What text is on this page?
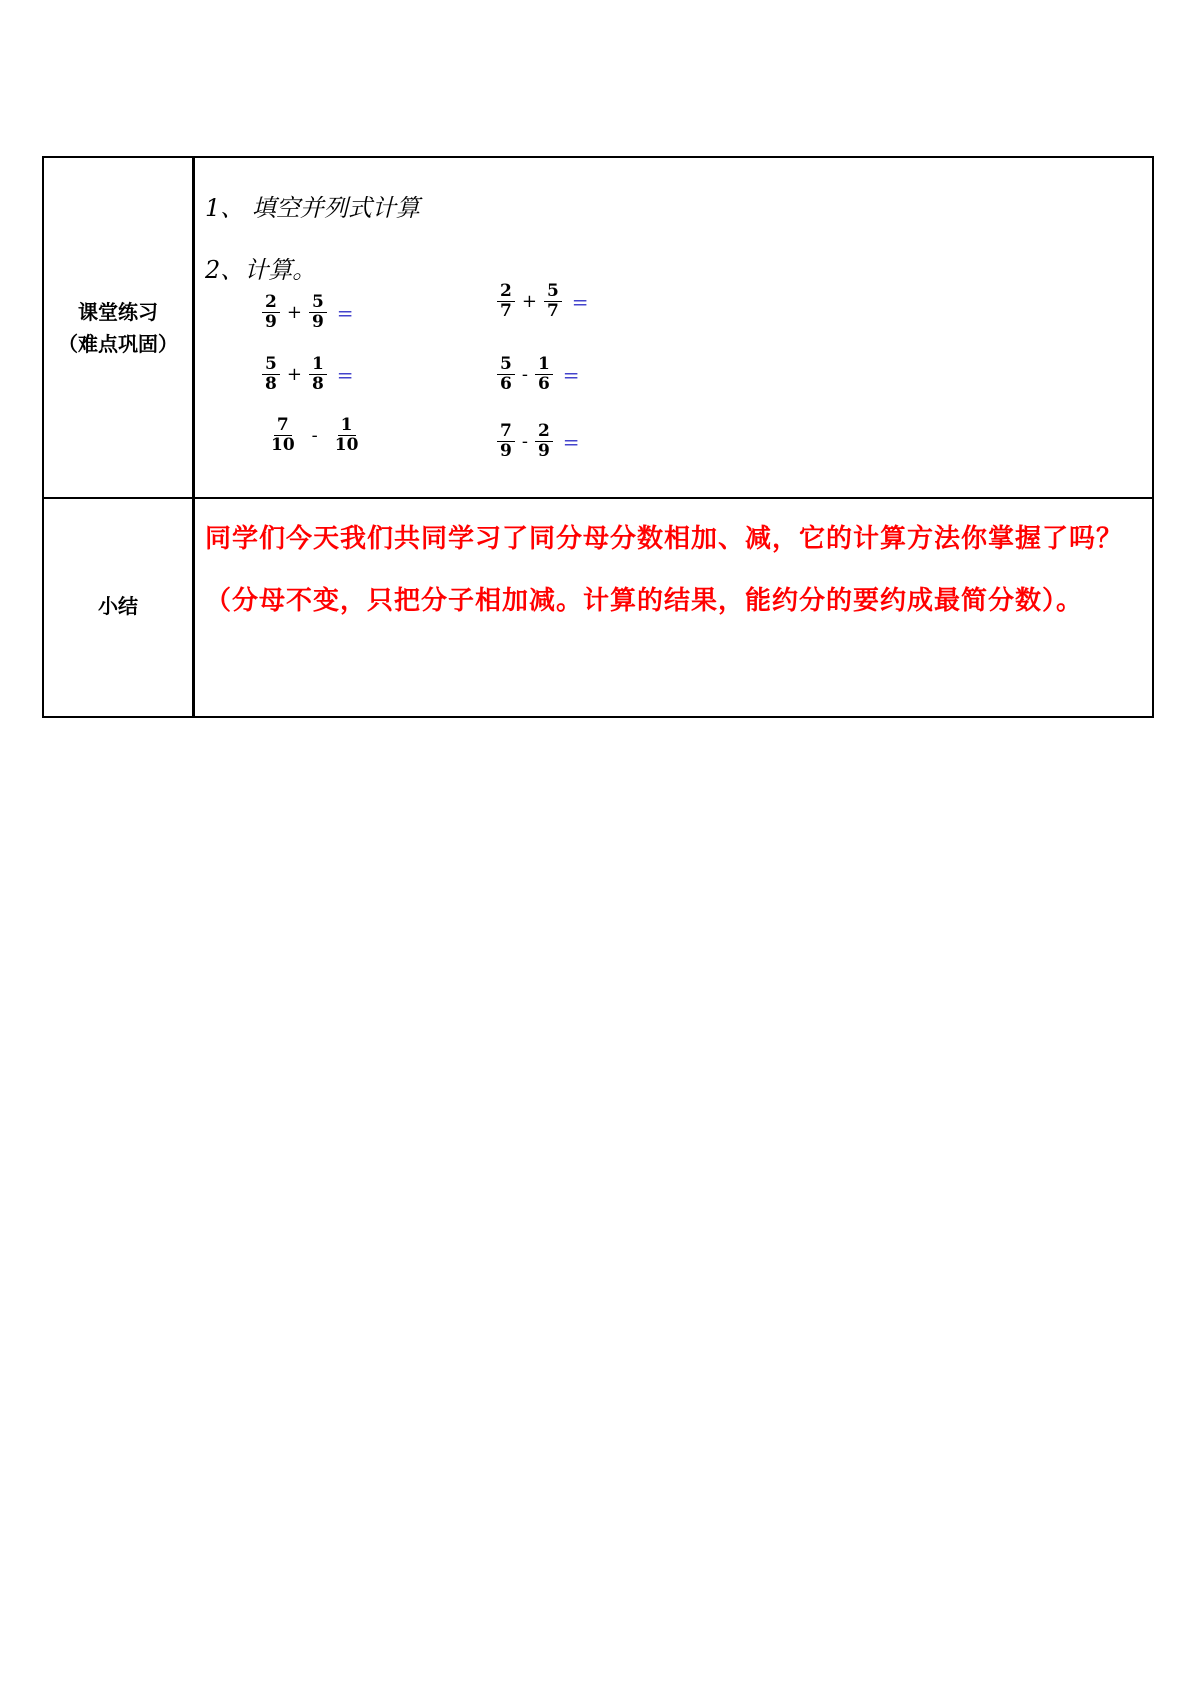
课堂练习
（难点巩固）
1、 填空并列式计算
2、计算。
$\frac{2}{9} + \frac{5}{9}$ =	$\frac{2}{7} + \frac{5}{7}$ =
$\frac{5}{8} + \frac{1}{8}$ =	$\frac{5}{6} - \frac{1}{6}$ =
$\frac{7}{10} - \frac{1}{10}$	$\frac{7}{9} - \frac{2}{9}$ =
小结
同学们今天我们共同学习了同分母分数相加、减，它的计算方法你掌握了吗？（分母不变，只把分子相加减。计算的结果，能约分的要约成最简分数）。
